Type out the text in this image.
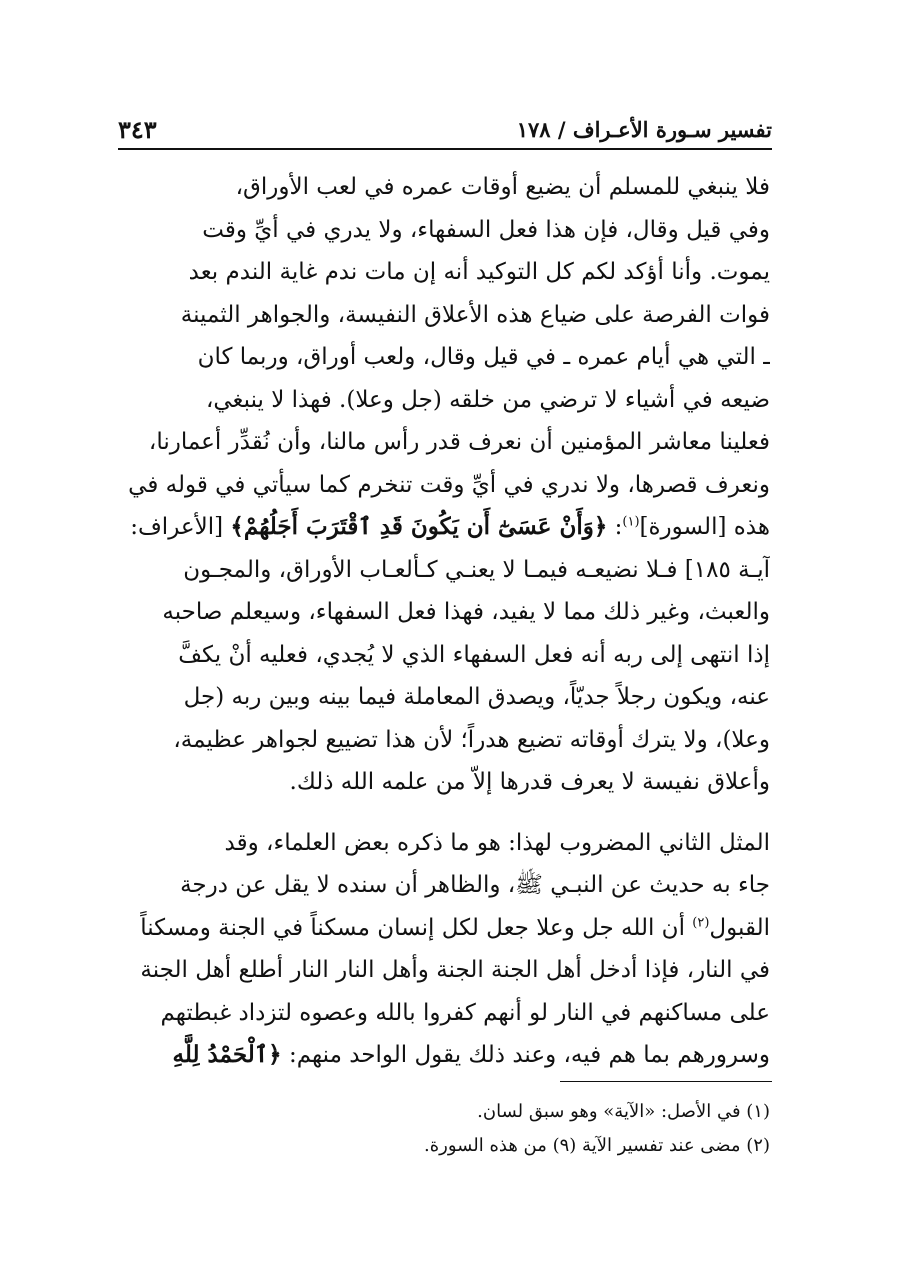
تفسير سـورة الأعـراف / ١٧٨
٣٤٣
فلا ينبغي للمسلم أن يضيع أوقات عمره في لعب الأوراق،
وفي قيل وقال، فإن هذا فعل السفهاء، ولا يدري في أيِّ وقت
يموت. وأنا أؤكد لكم كل التوكيد أنه إن مات ندم غاية الندم بعد
فوات الفرصة على ضياع هذه الأعلاق النفيسة، والجواهر الثمينة
ـ التي هي أيام عمره ـ في قيل وقال، ولعب أوراق، وربما كان
ضيعه في أشياء لا ترضي من خلقه (جل وعلا). فهذا لا ينبغي،
فعلينا معاشر المؤمنين أن نعرف قدر رأس مالنا، وأن نُقدِّر أعمارنا،
ونعرف قصرها، ولا ندري في أيِّ وقت تنخرم كما سيأتي في قوله في
هذه [السورة]$^{(١)}$: ﴿وَأَنْ عَسَىٰٓ أَن يَكُونَ قَدِ ٱقْتَرَبَ أَجَلُهُمْ﴾ [الأعراف:
آيـة ١٨٥] فـلا نضيعـه فيمـا لا يعنـي كـألعـاب الأوراق، والمجـون
والعبث، وغير ذلك مما لا يفيد، فهذا فعل السفهاء، وسيعلم صاحبه
إذا انتهى إلى ربه أنه فعل السفهاء الذي لا يُجدي، فعليه أنْ يكفَّ
عنه، ويكون رجلاً جديّاً، ويصدق المعاملة فيما بينه وبين ربه (جل
وعلا)، ولا يترك أوقاته تضيع هدراً؛ لأن هذا تضييع لجواهر عظيمة،
وأعلاق نفيسة لا يعرف قدرها إلاّ من علمه الله ذلك.
المثل الثاني المضروب لهذا: هو ما ذكره بعض العلماء، وقد
جاء به حديث عن النبـي ﷺ، والظاهر أن سنده لا يقل عن درجة
القبول$^{(٢)}$ أن الله جل وعلا جعل لكل إنسان مسكناً في الجنة ومسكناً
في النار، فإذا أدخل أهل الجنة الجنة وأهل النار النار أطلع أهل الجنة
على مساكنهم في النار لو أنهم كفروا بالله وعصوه لتزداد غبطتهم
وسرورهم بما هم فيه، وعند ذلك يقول الواحد منهم: ﴿ٱلْحَمْدُ لِلَّهِ
(١) في الأصل: «الآية» وهو سبق لسان.
(٢) مضى عند تفسير الآية (٩) من هذه السورة.
